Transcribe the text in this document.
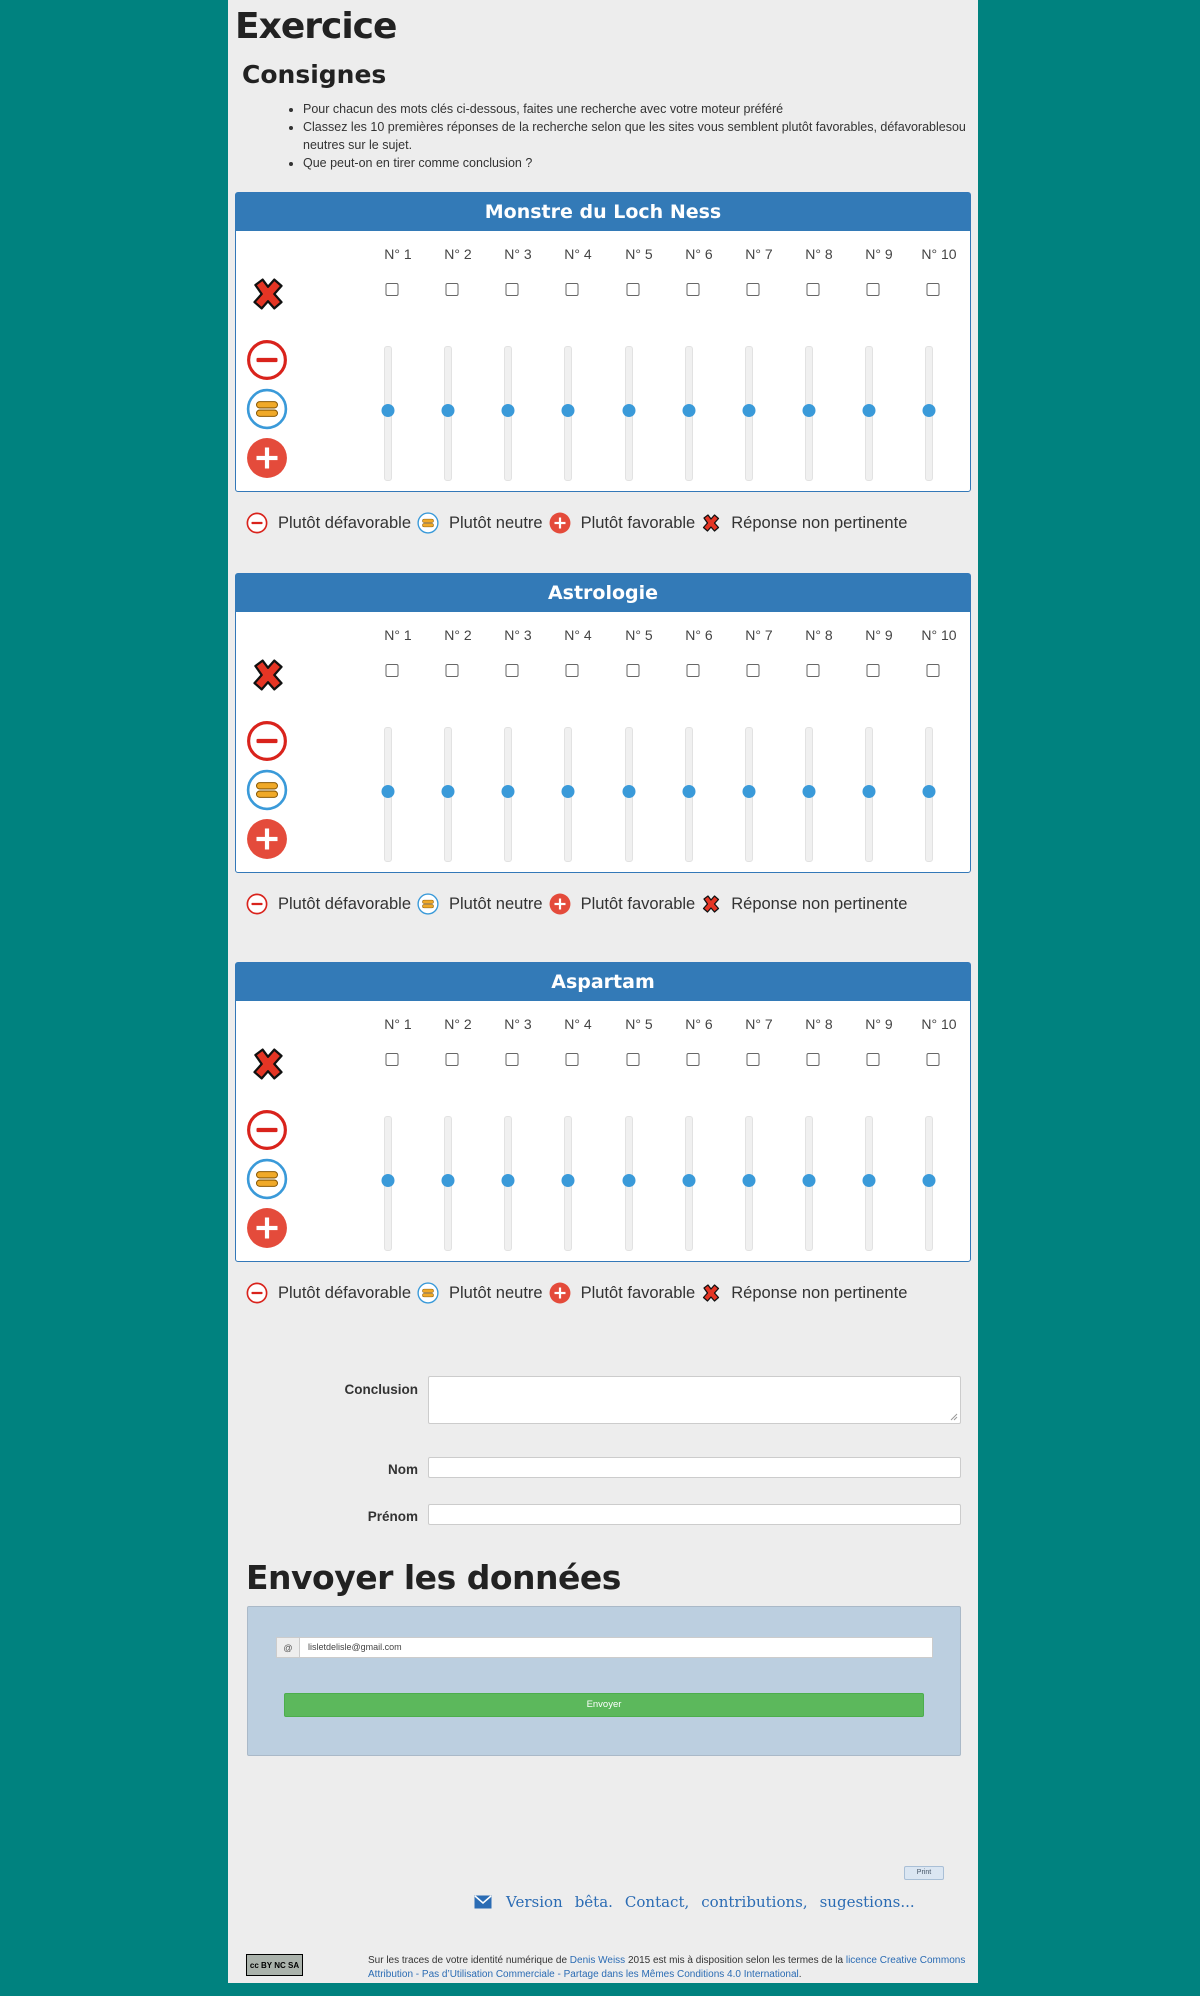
Exercice
Consignes
• Pour chacun des mots clés ci-dessous, faites une recherche avec votre moteur préféré
• Classez les 10 premières réponses de la recherche selon que les sites vous semblent plutôt favorables, défavorablesou neutres sur le sujet.
• Que peut-on en tirer comme conclusion ?
Monstre du Loch Ness
N° 1 N° 2 N° 3 N° 4 N° 5 N° 6 N° 7 N° 8 N° 9 N° 10
Astrologie
N° 1 N° 2 N° 3 N° 4 N° 5 N° 6 N° 7 N° 8 N° 9 N° 10
Aspartam
N° 1 N° 2 N° 3 N° 4 N° 5 N° 6 N° 7 N° 8 N° 9 N° 10
Conclusion
Nom
Prénom
Envoyer les données
@	lisletdelisle@gmail.com
Envoyer
Print
Version bêta. Contact, contributions, sugestions...
cc BY NC SA	Sur les traces de votre identité numérique de Denis Weiss 2015 est mis à disposition selon les termes de la licence Creative Commons Attribution - Pas d’Utilisation Commerciale - Partage dans les Mêmes Conditions 4.0 International.
Plutôt défavorable Plutôt neutre Plutôt favorable Réponse non pertinente
Plutôt défavorable Plutôt neutre Plutôt favorable Réponse non pertinente
Plutôt défavorable Plutôt neutre Plutôt favorable Réponse non pertinente
